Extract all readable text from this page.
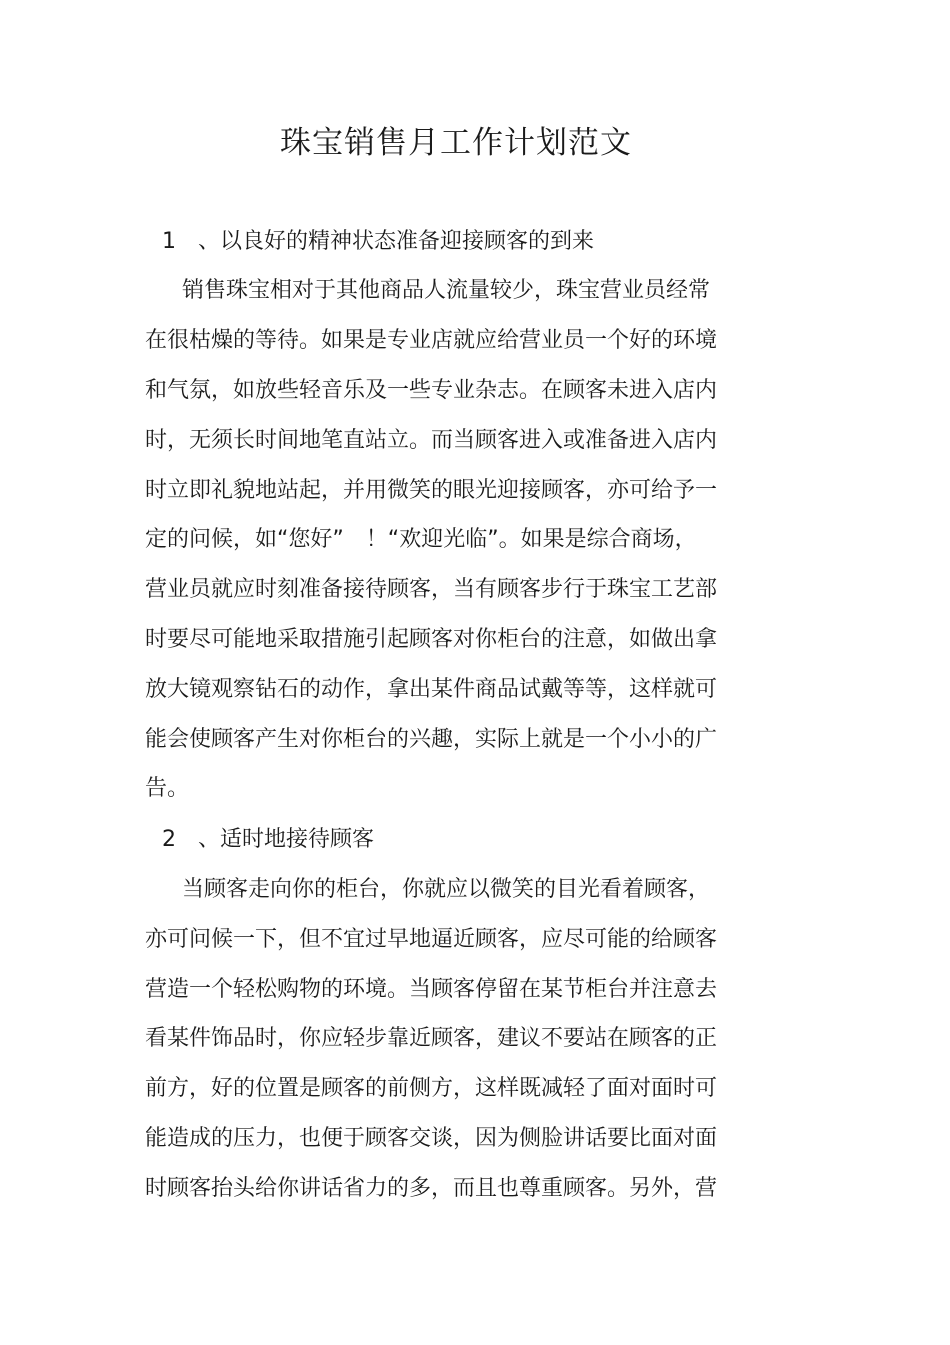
珠宝销售月工作计划范文
1　、以良好的精神状态准备迎接顾客的到来
销售珠宝相对于其他商品人流量较少，珠宝营业员经常
在很枯燥的等待。如果是专业店就应给营业员一个好的环境
和气氛，如放些轻音乐及一些专业杂志。在顾客未进入店内
时，无须长时间地笔直站立。而当顾客进入或准备进入店内
时立即礼貌地站起，并用微笑的眼光迎接顾客，亦可给予一
定的问候，如“您好”　！“欢迎光临”。如果是综合商场，
营业员就应时刻准备接待顾客，当有顾客步行于珠宝工艺部
时要尽可能地采取措施引起顾客对你柜台的注意，如做出拿
放大镜观察钻石的动作，拿出某件商品试戴等等，这样就可
能会使顾客产生对你柜台的兴趣，实际上就是一个小小的广
告。
2　、适时地接待顾客
当顾客走向你的柜台，你就应以微笑的目光看着顾客，
亦可问候一下，但不宜过早地逼近顾客，应尽可能的给顾客
营造一个轻松购物的环境。当顾客停留在某节柜台并注意去
看某件饰品时，你应轻步靠近顾客，建议不要站在顾客的正
前方，好的位置是顾客的前侧方，这样既减轻了面对面时可
能造成的压力，也便于顾客交谈，因为侧脸讲话要比面对面
时顾客抬头给你讲话省力的多，而且也尊重顾客。另外，营
